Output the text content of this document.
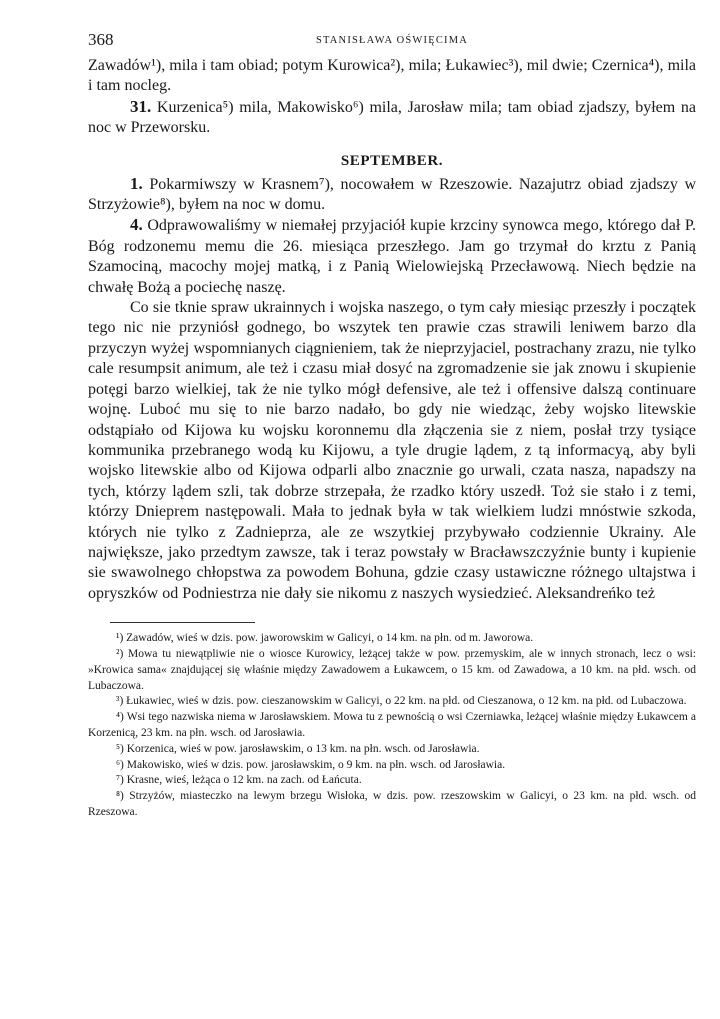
368	STANISŁAWA OŚWIĘCIMA

Zawadów¹), mila i tam obiad; potym Kurowica²), mila; Łukawiec³), mil dwie; Czernica⁴), mila i tam nocleg.

31. Kurzenica⁵) mila, Makowisko⁶) mila, Jarosław mila; tam obiad zjadszy, byłem na noc w Przeworsku.

SEPTEMBER.

1. Pokarmiwszy w Krasnem⁷), nocowałem w Rzeszowie. Nazajutrz obiad zjadszy w Strzyżowie⁸), byłem na noc w domu.

4. Odprawowaliśmy w niemałej przyjaciół kupie krzciny synowca mego, którego dał P. Bóg rodzonemu memu die 26. miesiąca przeszłego. Jam go trzymał do krztu z Panią Szamociną, macochy mojej matką, i z Panią Wielowiejską Przecławową. Niech będzie na chwałę Bożą a pociechę naszę.

Co sie tknie spraw ukrainnych i wojska naszego, o tym cały miesiąc przeszły i początek tego nic nie przyniósł godnego, bo wszytek ten prawie czas strawili leniwem barzo dla przyczyn wyżej wspomnianych ciągnieniem, tak że nieprzyjaciel, postrachany zrazu, nie tylko cale resumpsit animum, ale też i czasu miał dosyć na zgromadzenie sie jak znowu i skupienie potęgi barzo wielkiej, tak że nie tylko mógł defensive, ale też i offensive dalszą continuare wojnę. Luboć mu się to nie barzo nadało, bo gdy nie wiedząc, żeby wojsko litewskie odstąpiało od Kijowa ku wojsku koronnemu dla złączenia sie z niem, posłał trzy tysiące kommunika przebranego wodą ku Kijowu, a tyle drugie lądem, z tą informacyą, aby byli wojsko litewskie albo od Kijowa odparli albo znacznie go urwali, czata nasza, napadszy na tych, którzy lądem szli, tak dobrze strzepała, że rzadko który uszedł. Toż sie stało i z temi, którzy Dnieprem następowali. Mała to jednak była w tak wielkiem ludzi mnóstwie szkoda, których nie tylko z Zadnieprza, ale ze wszytkiej przybywało codziennie Ukrainy. Ale największe, jako przedtym zawsze, tak i teraz powstały w Bracławszczyźnie bunty i kupienie sie swawolnego chłopstwa za powodem Bohuna, gdzie czasy ustawiczne różnego ultajstwa i opryszków od Podniestrza nie dały sie nikomu z naszych wysiedzieć. Aleksandreńko też

¹) Zawadów, wieś w dzis. pow. jaworowskim w Galicyi, o 14 km. na płn. od m. Jaworowa.

²) Mowa tu niewątpliwie nie o wiosce Kurowicy, leżącej także w pow. przemyskim, ale w innych stronach, lecz o wsi: »Krowica sama« znajdującej się właśnie między Zawadowem a Łukawcem, o 15 km. od Zawadowa, a 10 km. na płd. wsch. od Lubaczowa.

³) Łukawiec, wieś w dzis. pow. cieszanowskim w Galicyi, o 22 km. na płd. od Cieszanowa, o 12 km. na płd. od Lubaczowa.

⁴) Wsi tego nazwiska niema w Jarosławskiem. Mowa tu z pewnością o wsi Czerniawka, leżącej właśnie między Łukawcem a Korzenicą, 23 km. na płn. wsch. od Jarosławia.

⁵) Korzenica, wieś w pow. jarosławskim, o 13 km. na płn. wsch. od Jarosławia.

⁶) Makowisko, wieś w dzis. pow. jarosławskim, o 9 km. na płn. wsch. od Jarosławia.

⁷) Krasne, wieś, leżąca o 12 km. na zach. od Łańcuta.

⁸) Strzyżów, miasteczko na lewym brzegu Wisłoka, w dzis. pow. rzeszowskim w Galicyi, o 23 km. na płd. wsch. od Rzeszowa.
